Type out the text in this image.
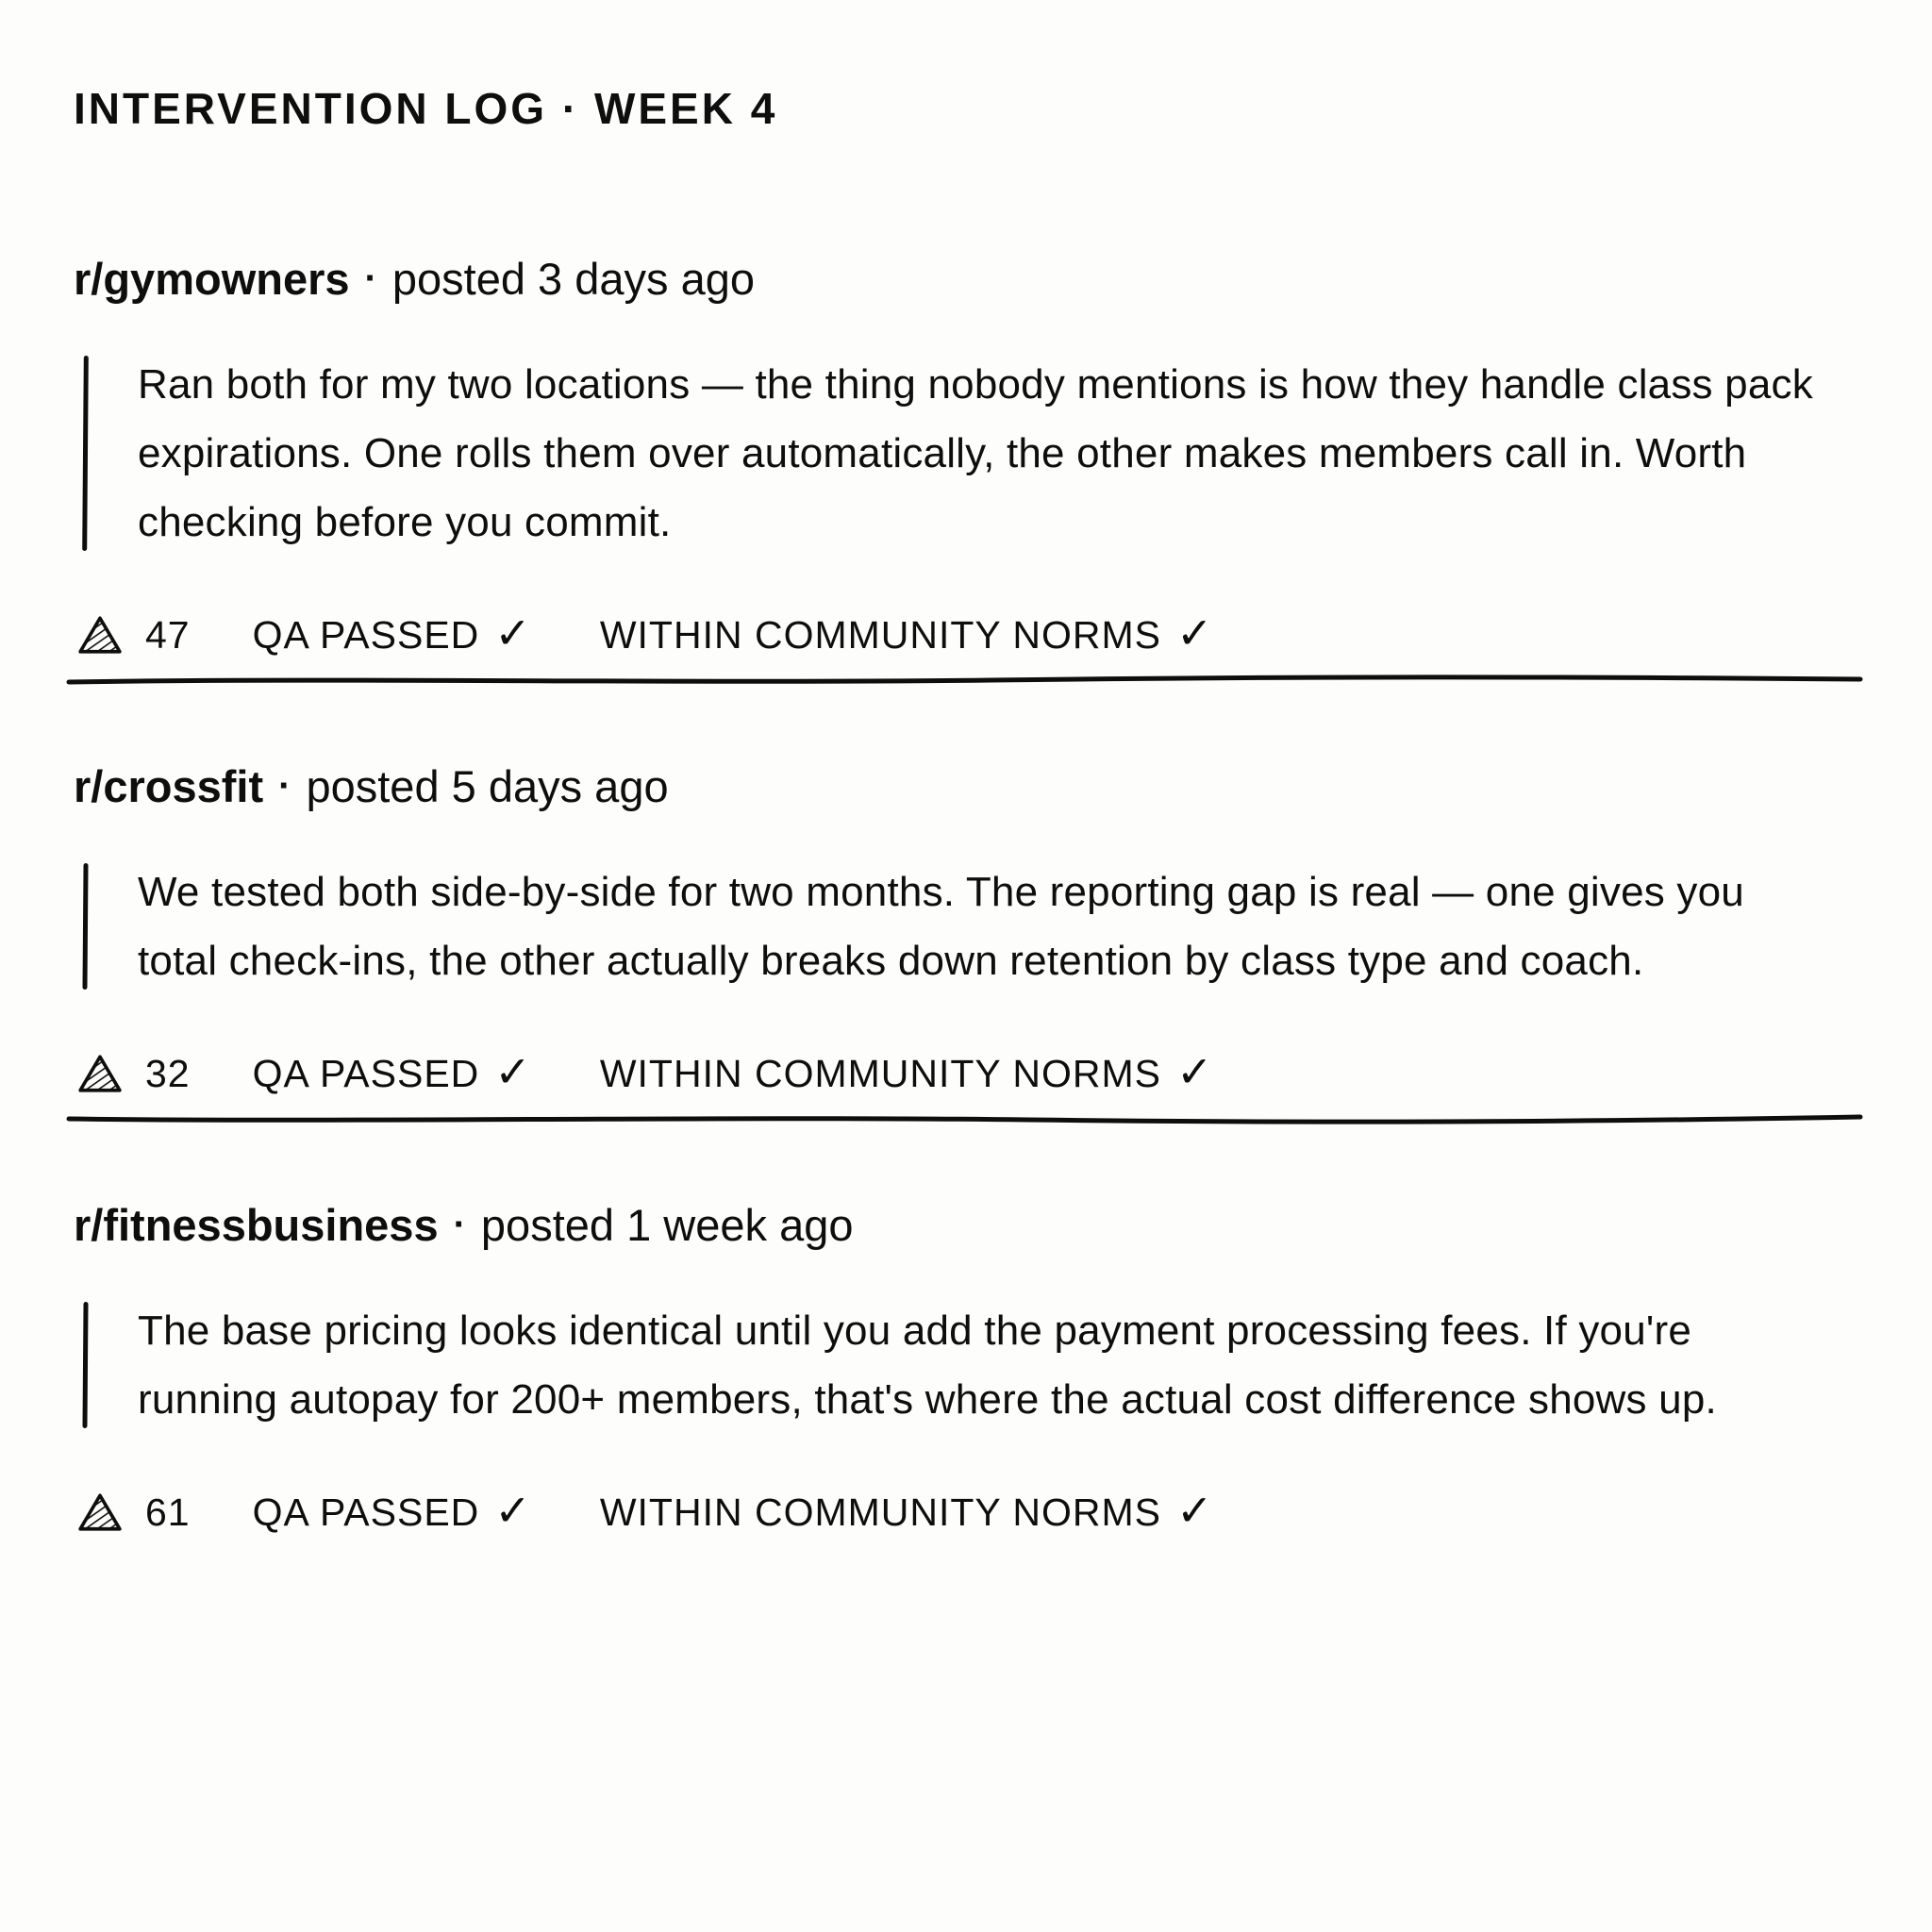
INTERVENTION LOG · WEEK 4
r/gymowners · posted 3 days ago
Ran both for my two locations — the thing nobody mentions is how they handle class pack expirations. One rolls them over automatically, the other makes members call in. Worth checking before you commit.
47 QA PASSED ✓ WITHIN COMMUNITY NORMS ✓
r/crossfit · posted 5 days ago
We tested both side-by-side for two months. The reporting gap is real — one gives you total check-ins, the other actually breaks down retention by class type and coach.
32 QA PASSED ✓ WITHIN COMMUNITY NORMS ✓
r/fitnessbusiness · posted 1 week ago
The base pricing looks identical until you add the payment processing fees. If you're running autopay for 200+ members, that's where the actual cost difference shows up.
61 QA PASSED ✓ WITHIN COMMUNITY NORMS ✓
